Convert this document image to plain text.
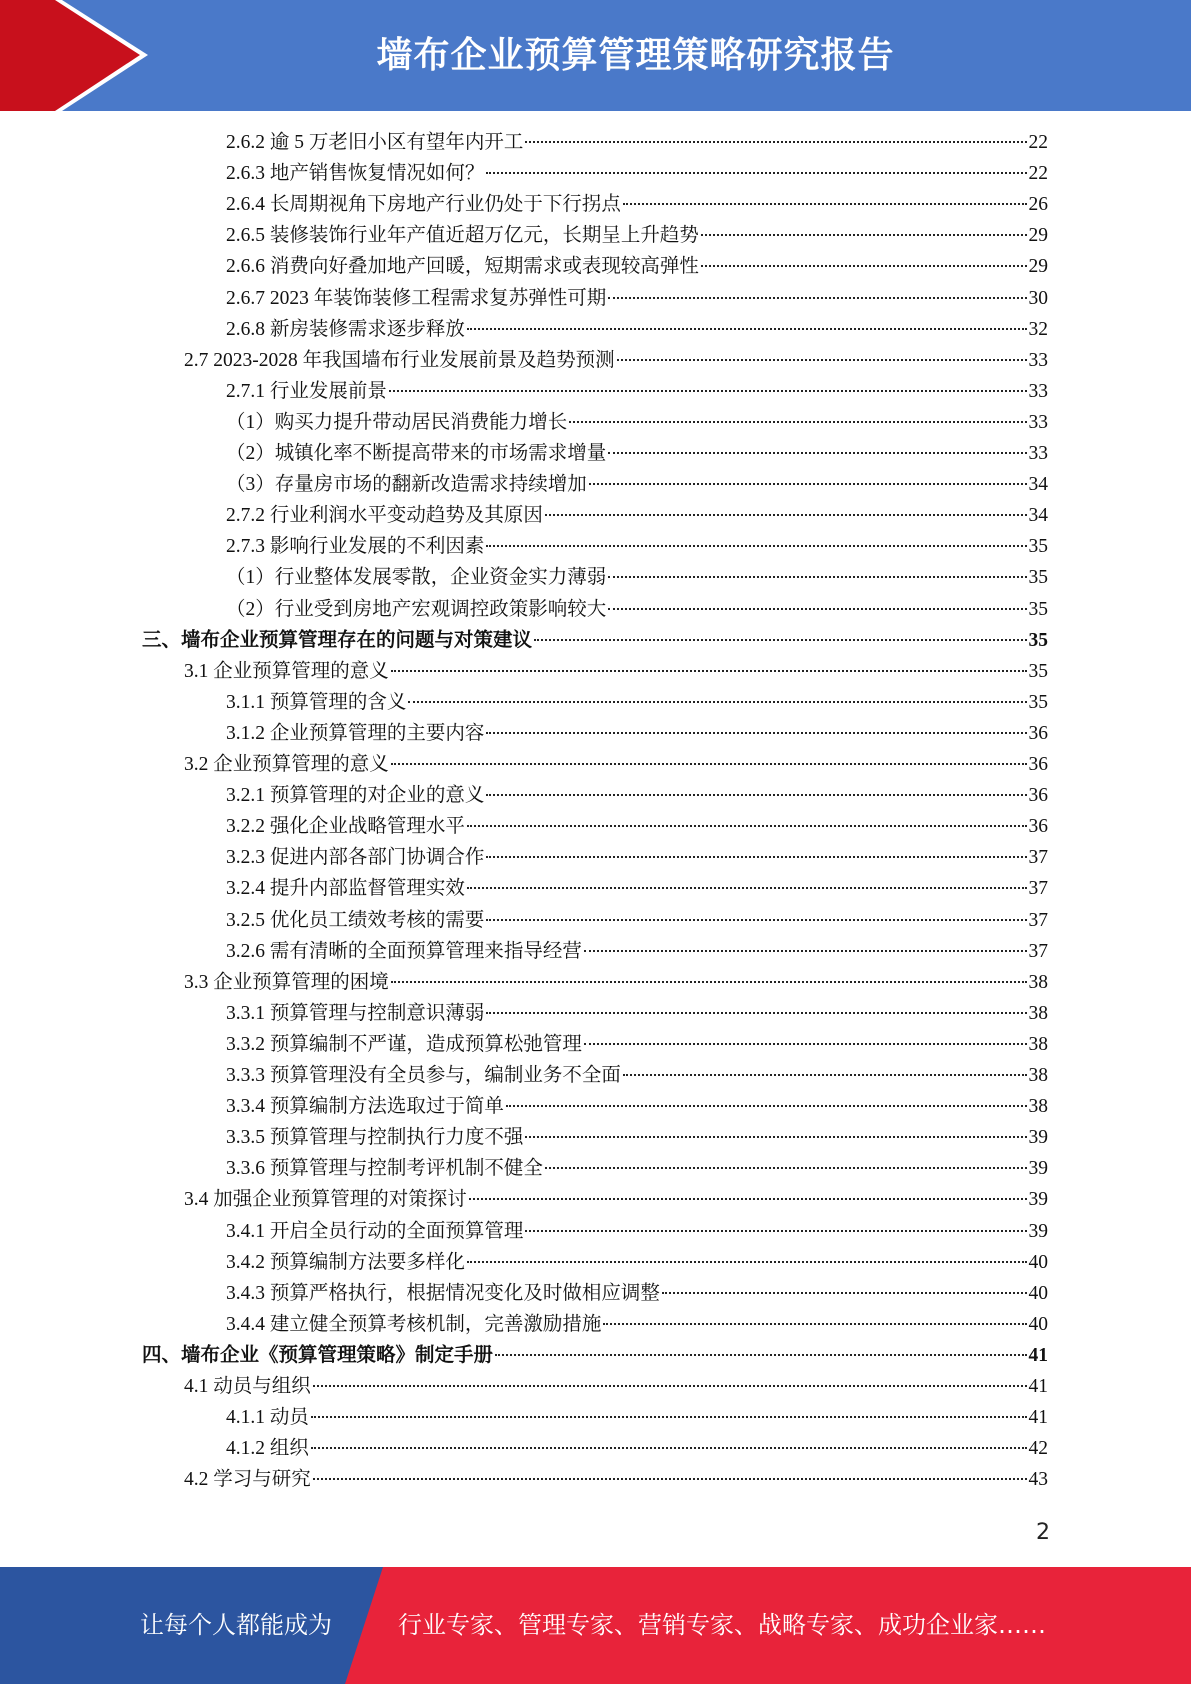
墙布企业预算管理策略研究报告
2.6.2 逾 5 万老旧小区有望年内开工	22
2.6.3 地产销售恢复情况如何？	22
2.6.4 长周期视角下房地产行业仍处于下行拐点	26
2.6.5 装修装饰行业年产值近超万亿元，长期呈上升趋势	29
2.6.6 消费向好叠加地产回暖，短期需求或表现较高弹性	29
2.6.7 2023 年装饰装修工程需求复苏弹性可期	30
2.6.8 新房装修需求逐步释放	32
2.7 2023-2028 年我国墙布行业发展前景及趋势预测	33
2.7.1 行业发展前景	33
（1）购买力提升带动居民消费能力增长	33
（2）城镇化率不断提高带来的市场需求增量	33
（3）存量房市场的翻新改造需求持续增加	34
2.7.2 行业利润水平变动趋势及其原因	34
2.7.3 影响行业发展的不利因素	35
（1）行业整体发展零散，企业资金实力薄弱	35
（2）行业受到房地产宏观调控政策影响较大	35
三、墙布企业预算管理存在的问题与对策建议	35
3.1 企业预算管理的意义	35
3.1.1 预算管理的含义	35
3.1.2 企业预算管理的主要内容	36
3.2 企业预算管理的意义	36
3.2.1 预算管理的对企业的意义	36
3.2.2 强化企业战略管理水平	36
3.2.3 促进内部各部门协调合作	37
3.2.4 提升内部监督管理实效	37
3.2.5 优化员工绩效考核的需要	37
3.2.6 需有清晰的全面预算管理来指导经营	37
3.3 企业预算管理的困境	38
3.3.1 预算管理与控制意识薄弱	38
3.3.2 预算编制不严谨，造成预算松弛管理	38
3.3.3 预算管理没有全员参与，编制业务不全面	38
3.3.4 预算编制方法选取过于简单	38
3.3.5 预算管理与控制执行力度不强	39
3.3.6 预算管理与控制考评机制不健全	39
3.4 加强企业预算管理的对策探讨	39
3.4.1 开启全员行动的全面预算管理	39
3.4.2 预算编制方法要多样化	40
3.4.3 预算严格执行，根据情况变化及时做相应调整	40
3.4.4 建立健全预算考核机制，完善激励措施	40
四、墙布企业《预算管理策略》制定手册	41
4.1 动员与组织	41
4.1.1 动员	41
4.1.2 组织	42
4.2 学习与研究	43
2
让每个人都能成为	行业专家、管理专家、营销专家、战略专家、成功企业家……
